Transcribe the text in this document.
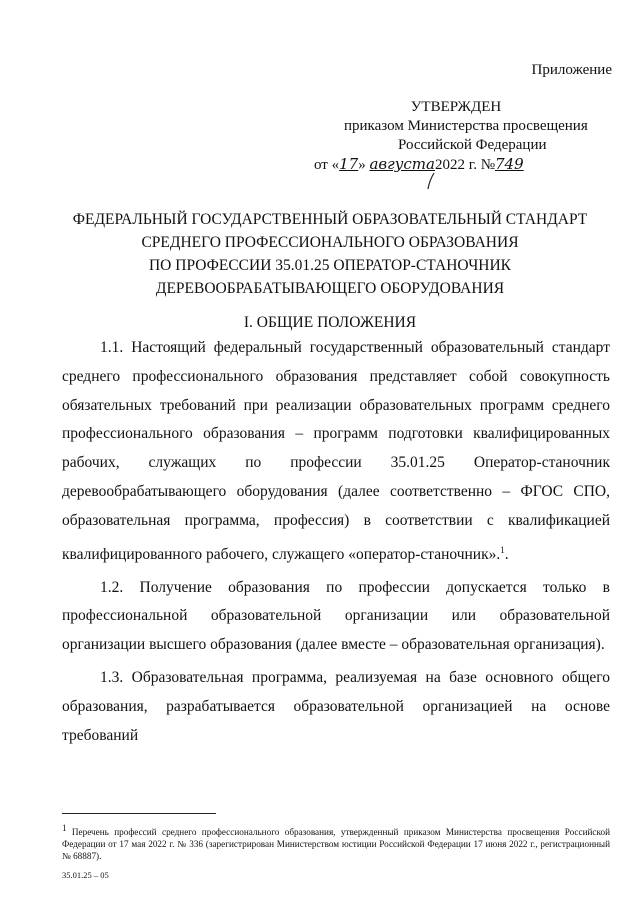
Приложение
УТВЕРЖДЕН
приказом Министерства просвещения
Российской Федерации
от «17» августа2022 г. №749
ФЕДЕРАЛЬНЫЙ ГОСУДАРСТВЕННЫЙ ОБРАЗОВАТЕЛЬНЫЙ СТАНДАРТ
СРЕДНЕГО ПРОФЕССИОНАЛЬНОГО ОБРАЗОВАНИЯ
ПО ПРОФЕССИИ 35.01.25 ОПЕРАТОР-СТАНОЧНИК
ДЕРЕВООБРАБАТЫВАЮЩЕГО ОБОРУДОВАНИЯ
I. ОБЩИЕ ПОЛОЖЕНИЯ

1.1. Настоящий федеральный государственный образовательный стандарт среднего профессионального образования представляет собой совокупность обязательных требований при реализации образовательных программ среднего профессионального образования – программ подготовки квалифицированных рабочих, служащих по профессии 35.01.25 Оператор-станочник деревообрабатывающего оборудования (далее соответственно – ФГОС СПО, образовательная программа, профессия) в соответствии с квалификацией квалифицированного рабочего, служащего «оператор-станочник».$^1$.

1.2. Получение образования по профессии допускается только в профессиональной образовательной организации или образовательной организации высшего образования (далее вместе – образовательная организация).

1.3. Образовательная программа, реализуемая на базе основного общего образования, разрабатывается образовательной организацией на основе требований

$^1$ Перечень профессий среднего профессионального образования, утвержденный приказом Министерства просвещения Российской Федерации от 17 мая 2022 г. № 336 (зарегистрирован Министерством юстиции Российской Федерации 17 июня 2022 г., регистрационный № 68887).
35.01.25 – 05
